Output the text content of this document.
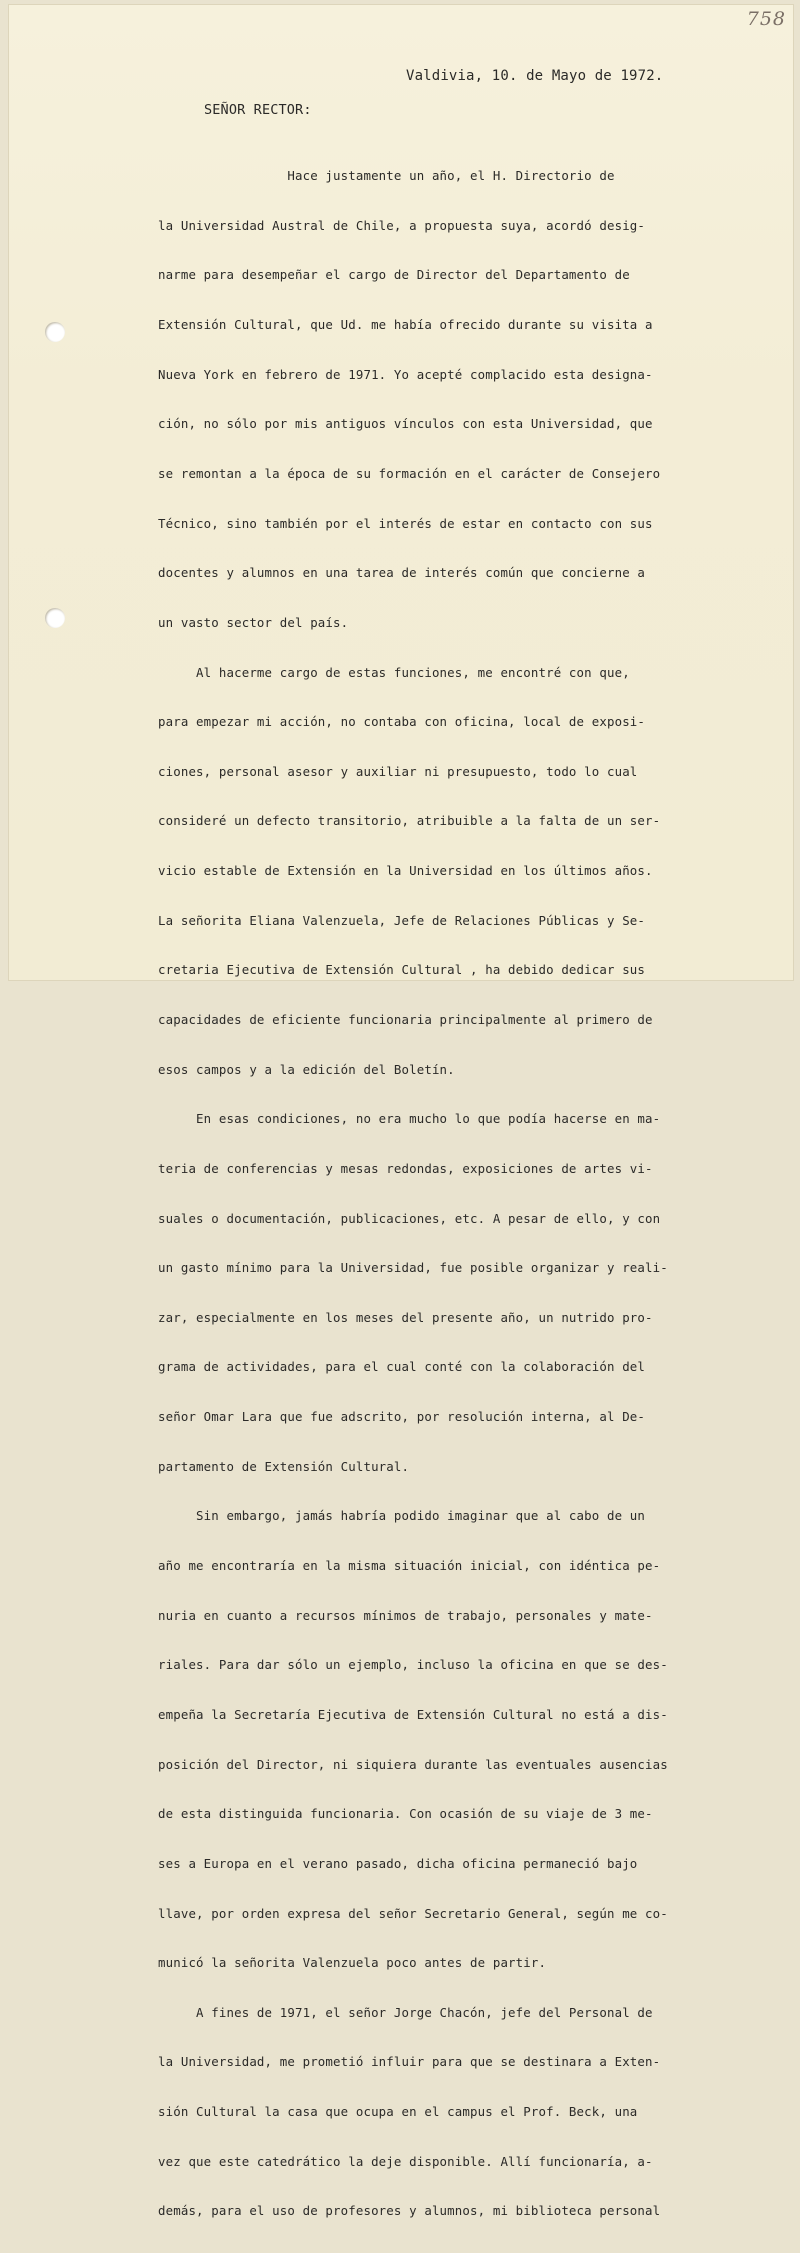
758
Valdivia, 10. de Mayo de 1972.
SEÑOR RECTOR:

Hace justamente un año, el H. Directorio de

la Universidad Austral de Chile, a propuesta suya, acordó desig-

narme para desempeñar el cargo de Director del Departamento de

Extensión Cultural, que Ud. me había ofrecido durante su visita a

Nueva York en febrero de 1971. Yo acepté complacido esta designa-

ción, no sólo por mis antiguos vínculos con esta Universidad, que

se remontan a la época de su formación en el carácter de Consejero

Técnico, sino también por el interés de estar en contacto con sus

docentes y alumnos en una tarea de interés común que concierne a

un vasto sector del país.

Al hacerme cargo de estas funciones, me encontré con que,

para empezar mi acción, no contaba con oficina, local de exposi-

ciones, personal asesor y auxiliar ni presupuesto, todo lo cual

consideré un defecto transitorio, atribuible a la falta de un ser-

vicio estable de Extensión en la Universidad en los últimos años.

La señorita Eliana Valenzuela, Jefe de Relaciones Públicas y Se-

cretaria Ejecutiva de Extensión Cultural , ha debido dedicar sus

capacidades de eficiente funcionaria principalmente al primero de

esos campos y a la edición del Boletín.

En esas condiciones, no era mucho lo que podía hacerse en ma-

teria de conferencias y mesas redondas, exposiciones de artes vi-

suales o documentación, publicaciones, etc. A pesar de ello, y con

un gasto mínimo para la Universidad, fue posible organizar y reali-

zar, especialmente en los meses del presente año, un nutrido pro-

grama de actividades, para el cual conté con la colaboración del

señor Omar Lara que fue adscrito, por resolución interna, al De-

partamento de Extensión Cultural.

Sin embargo, jamás habría podido imaginar que al cabo de un

año me encontraría en la misma situación inicial, con idéntica pe-

nuria en cuanto a recursos mínimos de trabajo, personales y mate-

riales. Para dar sólo un ejemplo, incluso la oficina en que se des-

empeña la Secretaría Ejecutiva de Extensión Cultural no está a dis-

posición del Director, ni siquiera durante las eventuales ausencias

de esta distinguida funcionaria. Con ocasión de su viaje de 3 me-

ses a Europa en el verano pasado, dicha oficina permaneció bajo

llave, por orden expresa del señor Secretario General, según me co-

municó la señorita Valenzuela poco antes de partir.

A fines de 1971, el señor Jorge Chacón, jefe del Personal de

la Universidad, me prometió influir para que se destinara a Exten-

sión Cultural la casa que ocupa en el campus el Prof. Beck, una

vez que este catedrático la deje disponible. Allí funcionaría, a-

demás, para el uso de profesores y alumnos, mi biblioteca personal
